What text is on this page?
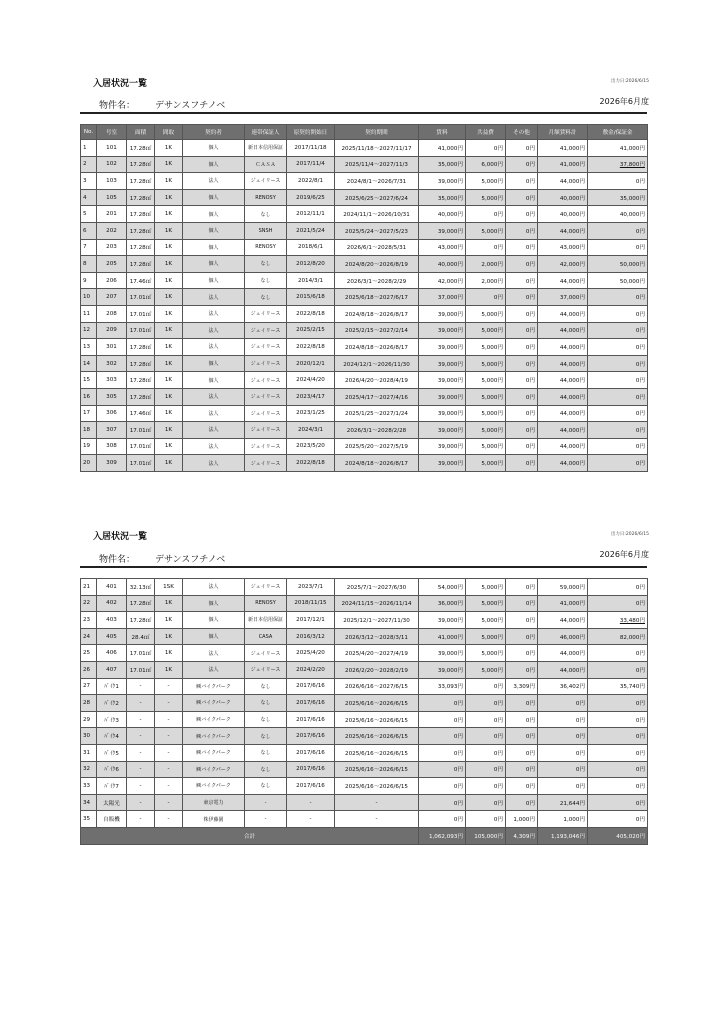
入居状況一覧	出力日:2026/6/15
物件名： デサンスフチノベ	2026年6月度
No.	号室	面積	間取	契約者	連帯保証人	原契約開始日	契約期間	賃料	共益費	その他	月額賃料計	敷金/保証金
1	101	17.28㎡	1K	個人	新日本信用保証	2017/11/18	2025/11/18～2027/11/17	41,000円	0円	0円	41,000円	41,000円
2	102	17.28㎡	1K	個人	ＣＡＳＡ	2017/11/4	2025/11/4～2027/11/3	35,000円	6,000円	0円	41,000円	37,800円
3	103	17.28㎡	1K	法人	ジェイリース	2022/8/1	2024/8/1～2026/7/31	39,000円	5,000円	0円	44,000円	0円
4	105	17.28㎡	1K	個人	RENOSY	2019/6/25	2025/6/25～2027/6/24	35,000円	5,000円	0円	40,000円	35,000円
5	201	17.28㎡	1K	個人	なし	2012/11/1	2024/11/1～2026/10/31	40,000円	0円	0円	40,000円	40,000円
6	202	17.28㎡	1K	個人	SNSH	2021/5/24	2025/5/24～2027/5/23	39,000円	5,000円	0円	44,000円	0円
7	203	17.28㎡	1K	個人	RENOSY	2018/6/1	2026/6/1～2028/5/31	43,000円	0円	0円	43,000円	0円
8	205	17.28㎡	1K	個人	なし	2012/8/20	2024/8/20～2026/8/19	40,000円	2,000円	0円	42,000円	50,000円
9	206	17.46㎡	1K	個人	なし	2014/3/1	2026/3/1～2028/2/29	42,000円	2,000円	0円	44,000円	50,000円
10	207	17.01㎡	1K	法人	なし	2015/6/18	2025/6/18～2027/6/17	37,000円	0円	0円	37,000円	0円
11	208	17.01㎡	1K	法人	ジェイリース	2022/8/18	2024/8/18～2026/8/17	39,000円	5,000円	0円	44,000円	0円
12	209	17.01㎡	1K	法人	ジェイリース	2025/2/15	2025/2/15～2027/2/14	39,000円	5,000円	0円	44,000円	0円
13	301	17.28㎡	1K	法人	ジェイリース	2022/8/18	2024/8/18～2026/8/17	39,000円	5,000円	0円	44,000円	0円
14	302	17.28㎡	1K	個人	ジェイリース	2020/12/1	2024/12/1～2026/11/30	39,000円	5,000円	0円	44,000円	0円
15	303	17.28㎡	1K	個人	ジェイリース	2024/4/20	2026/4/20～2028/4/19	39,000円	5,000円	0円	44,000円	0円
16	305	17.28㎡	1K	法人	ジェイリース	2023/4/17	2025/4/17～2027/4/16	39,000円	5,000円	0円	44,000円	0円
17	306	17.46㎡	1K	法人	ジェイリース	2023/1/25	2025/1/25～2027/1/24	39,000円	5,000円	0円	44,000円	0円
18	307	17.01㎡	1K	法人	ジェイリース	2024/3/1	2026/3/1～2028/2/28	39,000円	5,000円	0円	44,000円	0円
19	308	17.01㎡	1K	法人	ジェイリース	2023/5/20	2025/5/20～2027/5/19	39,000円	5,000円	0円	44,000円	0円
20	309	17.01㎡	1K	法人	ジェイリース	2022/8/18	2024/8/18～2026/8/17	39,000円	5,000円	0円	44,000円	0円
入居状況一覧	出力日:2026/6/15
物件名： デサンスフチノベ
2026年6月度
21	401	32.13㎡	1SK	法人	ジェイリース	2023/7/1	2025/7/1～2027/6/30	54,000円	5,000円	0円	59,000円	0円
22	402	17.28㎡	1K	個人	RENOSY	2018/11/15	2024/11/15～2026/11/14	36,000円	5,000円	0円	41,000円	0円
23	403	17.28㎡	1K	個人	新日本信用保証	2017/12/1	2025/12/1～2027/11/30	39,000円	5,000円	0円	44,000円	33,480円
24	405	28.4㎡	1K	個人	CASA	2016/3/12	2026/3/12～2028/3/11	41,000円	5,000円	0円	46,000円	82,000円
25	406	17.01㎡	1K	法人	ジェイリース	2025/4/20	2025/4/20～2027/4/19	39,000円	5,000円	0円	44,000円	0円
26	407	17.01㎡	1K	法人	ジェイリース	2024/2/20	2026/2/20～2028/2/19	39,000円	5,000円	0円	44,000円	0円
27	ﾊﾞｲｸ1	-	-	㈱バイクパーク	なし	2017/6/16	2026/6/16～2027/6/15	33,093円	0円	3,309円	36,402円	35,740円
28	ﾊﾞｲｸ2	-	-	㈱バイクパーク	なし	2017/6/16	2025/6/16～2026/6/15	0円	0円	0円	0円	0円
29	ﾊﾞｲｸ3	-	-	㈱バイクパーク	なし	2017/6/16	2025/6/16～2026/6/15	0円	0円	0円	0円	0円
30	ﾊﾞｲｸ4	-	-	㈱バイクパーク	なし	2017/6/16	2025/6/16～2026/6/15	0円	0円	0円	0円	0円
31	ﾊﾞｲｸ5	-	-	㈱バイクパーク	なし	2017/6/16	2025/6/16～2026/6/15	0円	0円	0円	0円	0円
32	ﾊﾞｲｸ6	-	-	㈱バイクパーク	なし	2017/6/16	2025/6/16～2026/6/15	0円	0円	0円	0円	0円
33	ﾊﾞｲｸ7	-	-	㈱バイクパーク	なし	2017/6/16	2025/6/16～2026/6/15	0円	0円	0円	0円	0円
34	太陽光	-	-	東京電力	-	-	-	0円	0円	0円	21,644円	0円
35	自販機	-	-	株伊藤園	-	-	-	0円	0円	1,000円	1,000円	0円
合計								1,062,093円	105,000円	4,309円	1,193,046円	405,020円
